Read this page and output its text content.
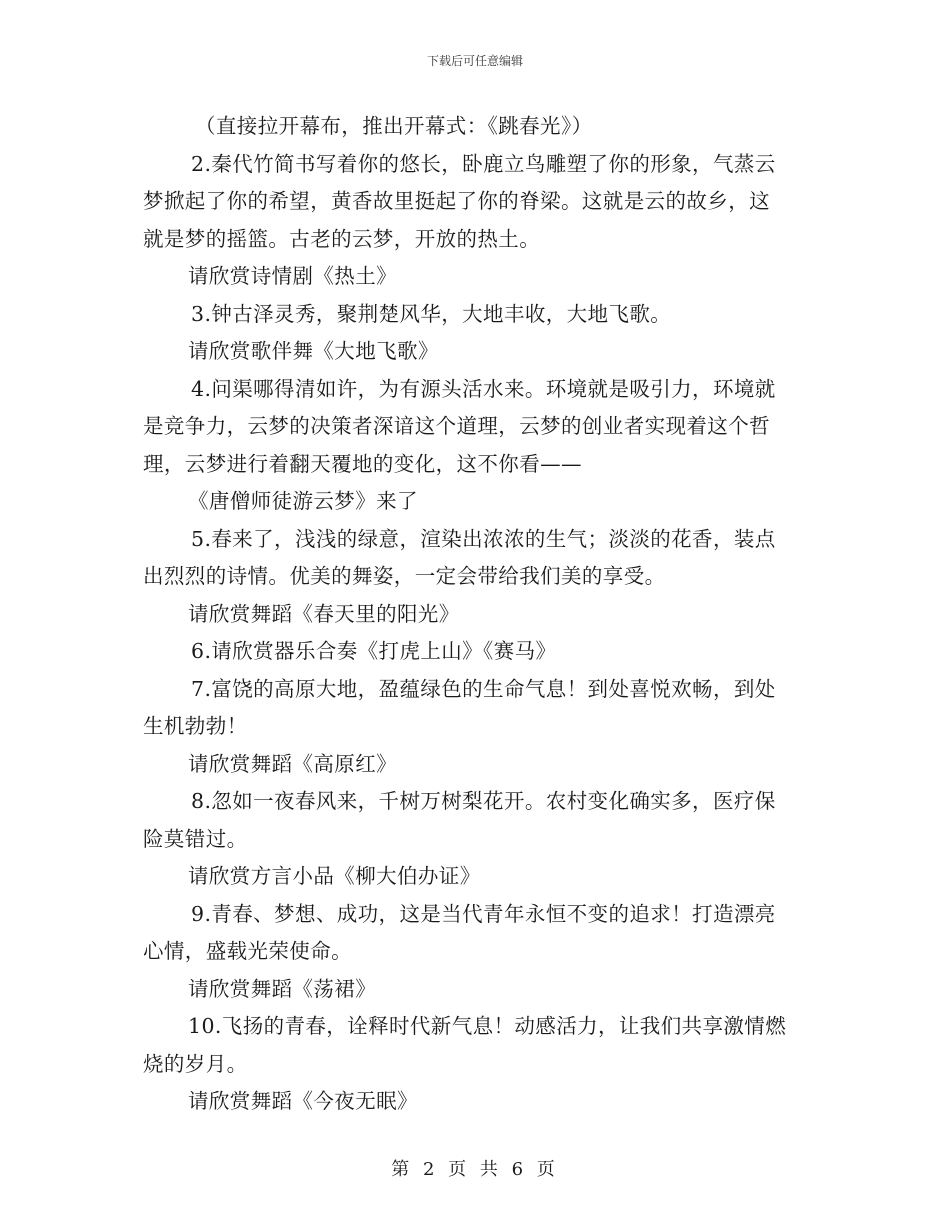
下载后可任意编辑
（直接拉开幕布，推出开幕式：《跳春光》）
2.秦代竹简书写着你的悠长，卧鹿立鸟雕塑了你的形象，气蒸云
梦掀起了你的希望，黄香故里挺起了你的脊梁。这就是云的故乡，这
就是梦的摇篮。古老的云梦，开放的热土。
请欣赏诗情剧《热土》
3.钟古泽灵秀，聚荆楚风华，大地丰收，大地飞歌。
请欣赏歌伴舞《大地飞歌》
4.问渠哪得清如许，为有源头活水来。环境就是吸引力，环境就
是竞争力，云梦的决策者深谙这个道理，云梦的创业者实现着这个哲
理，云梦进行着翻天覆地的变化，这不你看——
《唐僧师徒游云梦》来了
5.春来了，浅浅的绿意，渲染出浓浓的生气；淡淡的花香，装点
出烈烈的诗情。优美的舞姿，一定会带给我们美的享受。
请欣赏舞蹈《春天里的阳光》
6.请欣赏器乐合奏《打虎上山》《赛马》
7.富饶的高原大地，盈蕴绿色的生命气息！到处喜悦欢畅，到处
生机勃勃！
请欣赏舞蹈《高原红》
8.忽如一夜春风来，千树万树梨花开。农村变化确实多，医疗保
险莫错过。
请欣赏方言小品《柳大伯办证》
9.青春、梦想、成功，这是当代青年永恒不变的追求！打造漂亮
心情，盛载光荣使命。
请欣赏舞蹈《荡裙》
10.飞扬的青春，诠释时代新气息！动感活力，让我们共享激情燃
烧的岁月。
请欣赏舞蹈《今夜无眠》
第 2 页 共 6 页
